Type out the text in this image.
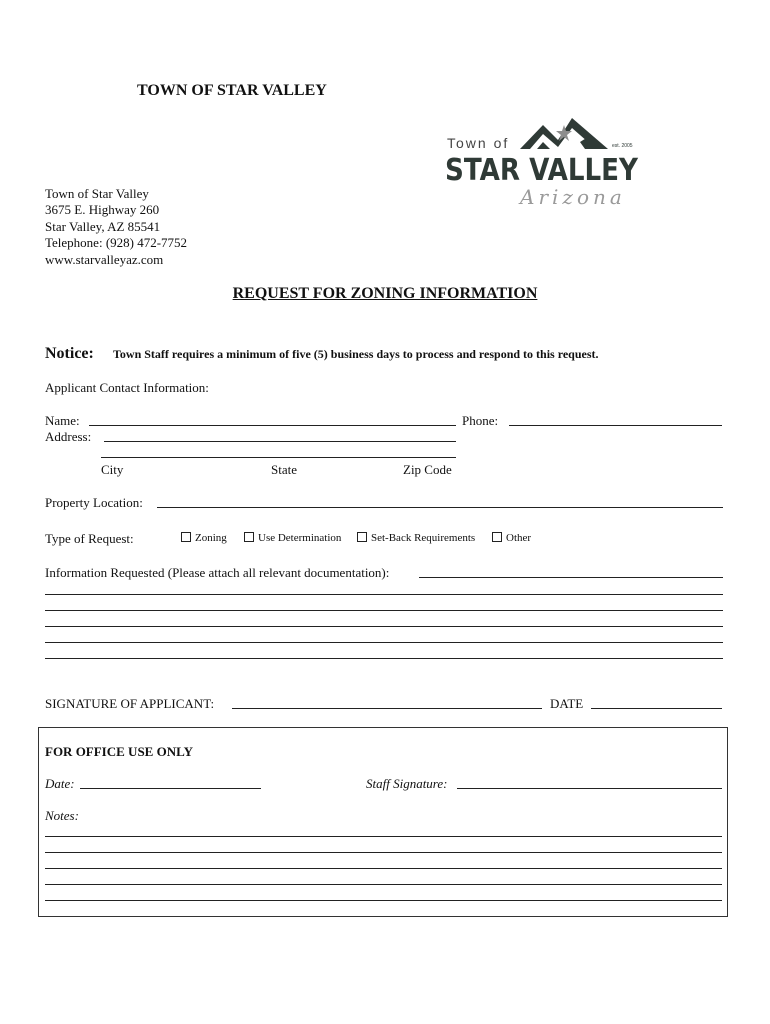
TOWN OF STAR VALLEY
Town of	est. 2005
STAR VALLEY
Arizona
Town of Star Valley
3675 E. Highway 260
Star Valley, AZ 85541
Telephone: (928) 472-7752
www.starvalleyaz.com
REQUEST FOR ZONING INFORMATION
Notice: Town Staff requires a minimum of five (5) business days to process and respond to this request.
Applicant Contact Information:
Name:	Phone:
Address:
City	State	Zip Code
Property Location:
Type of Request:	Zoning	Use Determination	Set-Back Requirements	Other
Information Requested (Please attach all relevant documentation):
SIGNATURE OF APPLICANT:	DATE
FOR OFFICE USE ONLY
Date:	Staff Signature:
Notes:
